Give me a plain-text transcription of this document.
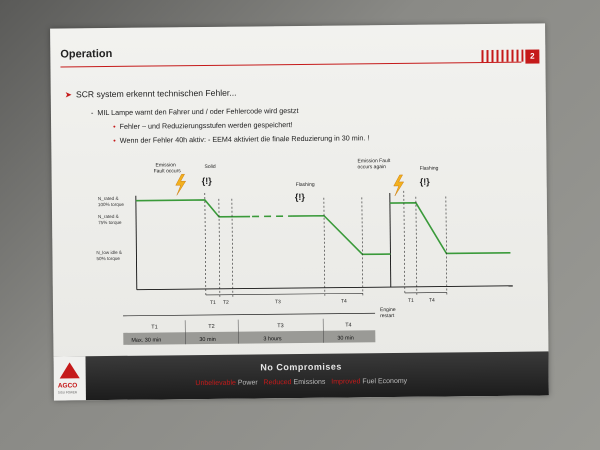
Operation	2
➤ SCR system erkennt technischen Fehler...
- MIL Lampe warnt den Fahrer und / oder Fehlercode wird gestzt
• Fehler – und Reduzierungsstufen werden gespeichert!
• Wenn der Fehler 40h aktiv: - EEM4 aktiviert die finale Reduzierung in 30 min. !
N_rated &
100% torque
N_rated &
75% torque
N_low idle &
50% torque
T1 T2	T3	T4	T1	T4
Emission
Fault occurs
Solid
Flashing
Emission Fault
occurs again	Flashing
Engine
restart
{!}
{!}
{!}
T1	T2	T3	T4
Max. 30 min	30 min	3 hours	30 min
AGCO
SISU POWER
No Compromises
Unbelievable Power Reduced Emissions Improved Fuel Economy
